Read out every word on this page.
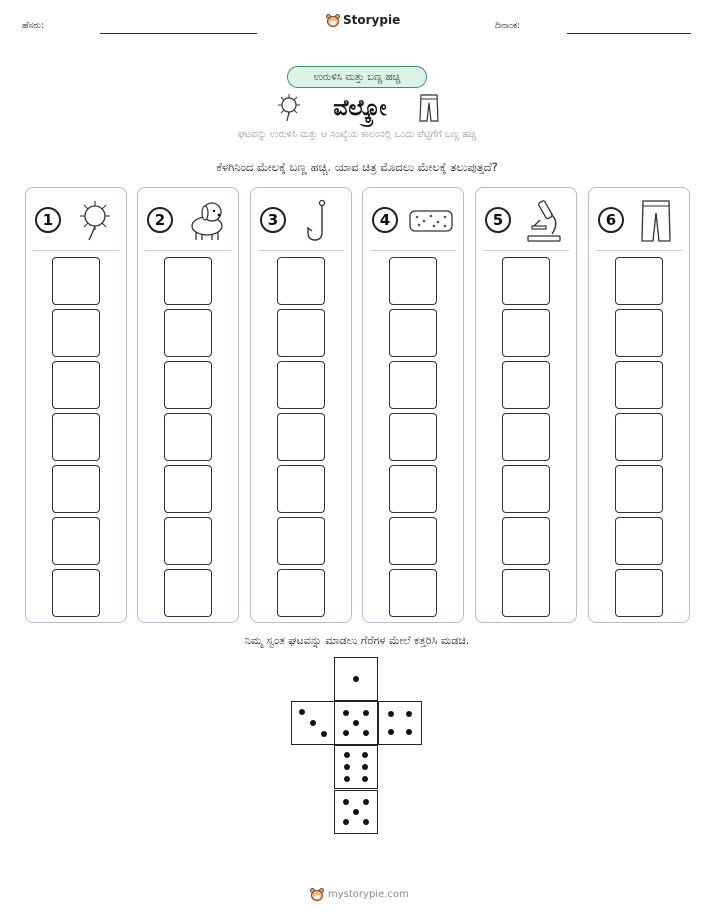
ಹೆಸರು:	Storypie	ದಿನಾಂಕ:
ಉರುಳಿಸಿ ಮತ್ತು ಬಣ್ಣ ಹಚ್ಚಿ
ವೆಲ್ಕ್ರೋ
ಘಟವನ್ನು ಉರುಳಿಸಿ ಮತ್ತು ಆ ಸಂಖ್ಯೆಯ ಕಾಲಂನಲ್ಲಿ ಒಂದು ಪೆಟ್ಟಿಗೆಗೆ ಬಣ್ಣ ಹಚ್ಚಿ
ಕೆಳಗಿನಿಂದ ಮೇಲಕ್ಕೆ ಬಣ್ಣ ಹಚ್ಚಿ. ಯಾವ ಚಿತ್ರ ಮೊದಲು ಮೇಲಕ್ಕೆ ತಲುಪುತ್ತದೆ?
1	2	3	4	5	6
ನಿಮ್ಮ ಸ್ವಂತ ಘಟವನ್ನು ಮಾಡಲು ಗೆರೆಗಳ ಮೇಲೆ ಕತ್ತರಿಸಿ ಮಡಚಿ.
mystorypie.com
